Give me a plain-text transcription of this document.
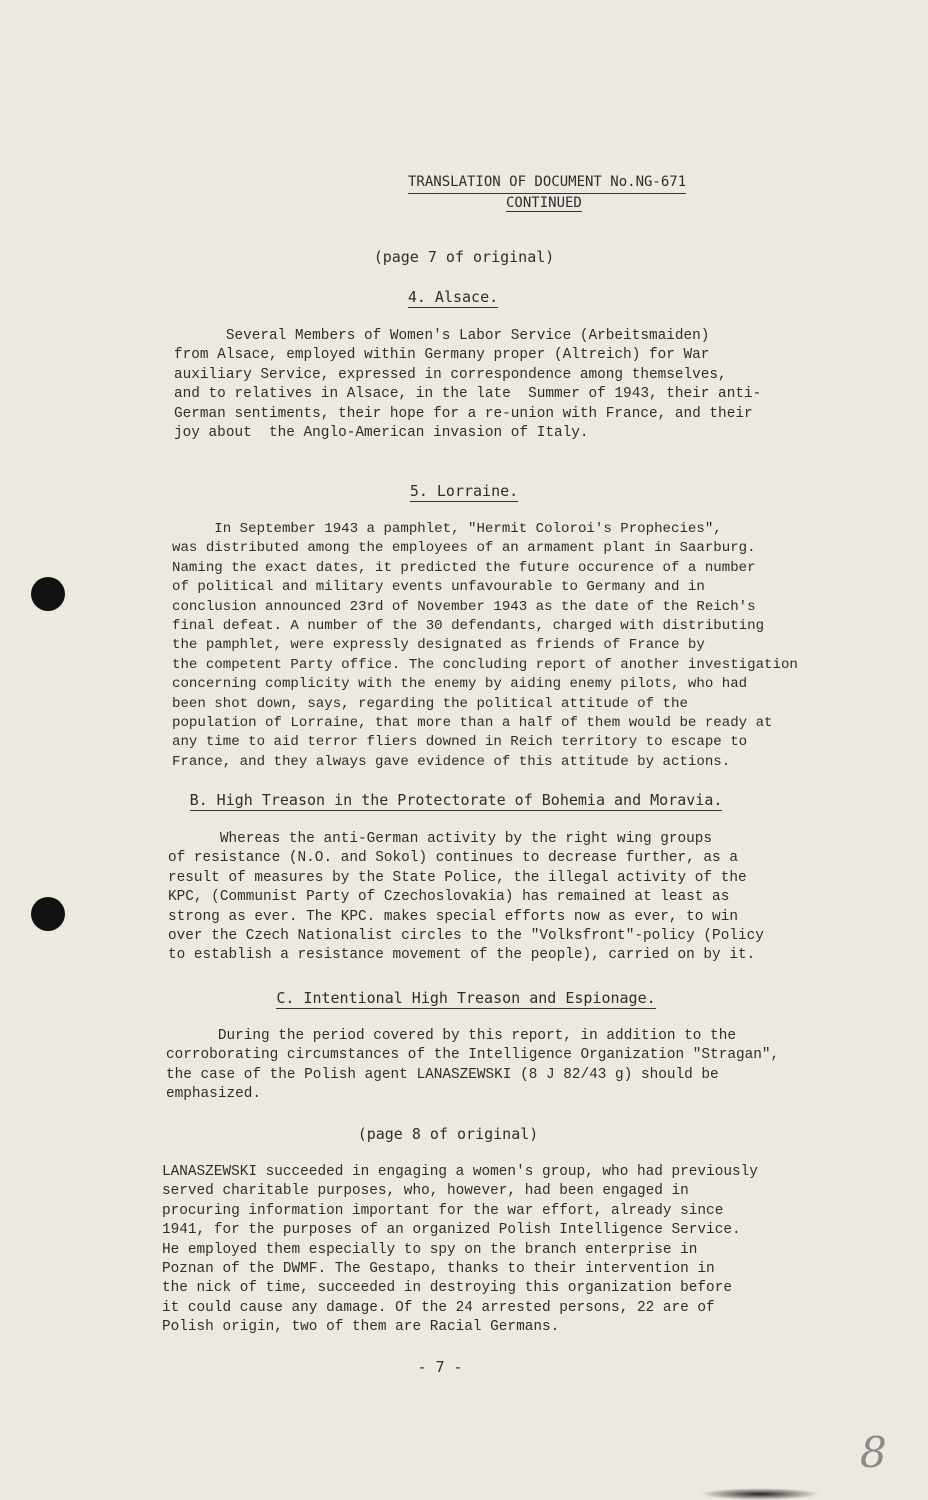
TRANSLATION OF DOCUMENT No.NG-671
CONTINUED
(page 7 of original)
4. Alsace.
Several Members of Women's Labor Service (Arbeitsmaiden)
from Alsace, employed within Germany proper (Altreich) for War
auxiliary Service, expressed in correspondence among themselves,
and to relatives in Alsace, in the late  Summer of 1943, their anti-
German sentiments, their hope for a re-union with France, and their
joy about  the Anglo-American invasion of Italy.
5. Lorraine.
In September 1943 a pamphlet, "Hermit Coloroi's Prophecies",
was distributed among the employees of an armament plant in Saarburg.
Naming the exact dates, it predicted the future occurence of a number
of political and military events unfavourable to Germany and in
conclusion announced 23rd of November 1943 as the date of the Reich's
final defeat. A number of the 30 defendants, charged with distributing
the pamphlet, were expressly designated as friends of France by
the competent Party office. The concluding report of another investigation
concerning complicity with the enemy by aiding enemy pilots, who had
been shot down, says, regarding the political attitude of the
population of Lorraine, that more than a half of them would be ready at
any time to aid terror fliers downed in Reich territory to escape to
France, and they always gave evidence of this attitude by actions.
B. High Treason in the Protectorate of Bohemia and Moravia.
Whereas the anti-German activity by the right wing groups
of resistance (N.O. and Sokol) continues to decrease further, as a
result of measures by the State Police, the illegal activity of the
KPC, (Communist Party of Czechoslovakia) has remained at least as
strong as ever. The KPC. makes special efforts now as ever, to win
over the Czech Nationalist circles to the "Volksfront"-policy (Policy
to establish a resistance movement of the people), carried on by it.
C. Intentional High Treason and Espionage.
During the period covered by this report, in addition to the
corroborating circumstances of the Intelligence Organization "Stragan",
the case of the Polish agent LANASZEWSKI (8 J 82/43 g) should be
emphasized.
(page 8 of original)
LANASZEWSKI succeeded in engaging a women's group, who had previously
served charitable purposes, who, however, had been engaged in
procuring information important for the war effort, already since
1941, for the purposes of an organized Polish Intelligence Service.
He employed them especially to spy on the branch enterprise in
Poznan of the DWMF. The Gestapo, thanks to their intervention in
the nick of time, succeeded in destroying this organization before
it could cause any damage. Of the 24 arrested persons, 22 are of
Polish origin, two of them are Racial Germans.
- 7 -
8
